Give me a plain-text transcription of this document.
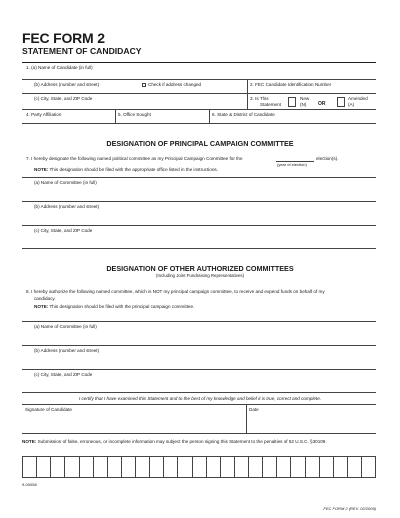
FEC FORM 2
STATEMENT OF CANDIDACY
1. (a) Name of Candidate (in full)
(b) Address (number and street)	Check if address changed	2. FEC Candidate Identification Number
(c) City, State, and ZIP Code	3. Is This
Statement
New
(N) OR
Amended
(A)
4. Party Affiliation	5. Office Sought	6. State & District of Candidate
DESIGNATION OF PRINCIPAL CAMPAIGN COMMITTEE
7. I hereby designate the following named political committee as my Principal Campaign Committee for the	election(s).
(year of election)
NOTE: This designation should be filed with the appropriate office listed in the instructions.
(a) Name of Committee (in full)
(b) Address (number and street)
(c) City, State, and ZIP Code
DESIGNATION OF OTHER AUTHORIZED COMMITTEES
(Including Joint Fundraising Representatives)
8. I hereby authorize the following named committee, which is NOT my principal campaign committee, to receive and expend funds on behalf of my
candidacy.
NOTE: This designation should be filed with the principal campaign committee.
(a) Name of Committee (in full)
(b) Address (number and street)
(c) City, State, and ZIP Code
I certify that I have examined this Statement and to the best of my knowledge and belief it is true, correct and complete.
Signature of Candidate	Date
NOTE: Submission of false, erroneous, or incomplete information may subject the person signing this Statement to the penalties of 52 U.S.C. §30109.
9-00058
FEC FORM 2 (REV. 02/2009)
